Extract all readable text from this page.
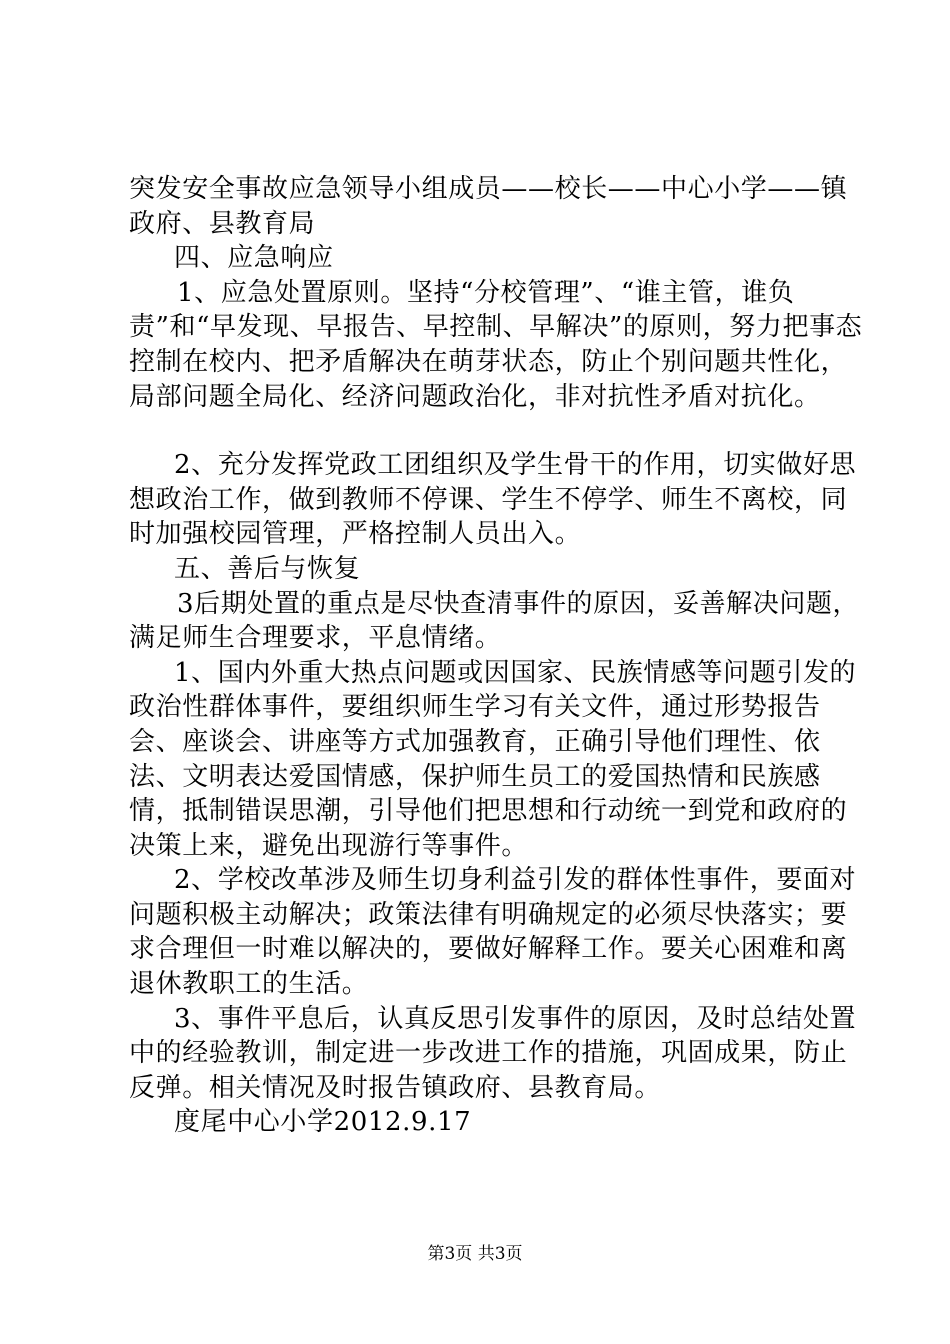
突发安全事故应急领导小组成员——校长——中心小学——镇政府、县教育局

四、应急响应

1、应急处置原则。坚持“分校管理”、“谁主管，谁负责”和“早发现、早报告、早控制、早解决”的原则，努力把事态控制在校内、把矛盾解决在萌芽状态，防止个别问题共性化，局部问题全局化、经济问题政治化，非对抗性矛盾对抗化。

2、充分发挥党政工团组织及学生骨干的作用，切实做好思想政治工作，做到教师不停课、学生不停学、师生不离校，同时加强校园管理，严格控制人员出入。

五、善后与恢复

3后期处置的重点是尽快查清事件的原因，妥善解决问题，满足师生合理要求，平息情绪。

1、国内外重大热点问题或因国家、民族情感等问题引发的政治性群体事件，要组织师生学习有关文件，通过形势报告会、座谈会、讲座等方式加强教育，正确引导他们理性、依法、文明表达爱国情感，保护师生员工的爱国热情和民族感情，抵制错误思潮，引导他们把思想和行动统一到党和政府的决策上来，避免出现游行等事件。

2、学校改革涉及师生切身利益引发的群体性事件，要面对问题积极主动解决；政策法律有明确规定的必须尽快落实；要求合理但一时难以解决的，要做好解释工作。要关心困难和离退休教职工的生活。

3、事件平息后，认真反思引发事件的原因，及时总结处置中的经验教训，制定进一步改进工作的措施，巩固成果，防止反弹。相关情况及时报告镇政府、县教育局。

度尾中心小学2012.9.17

第3页 共3页
